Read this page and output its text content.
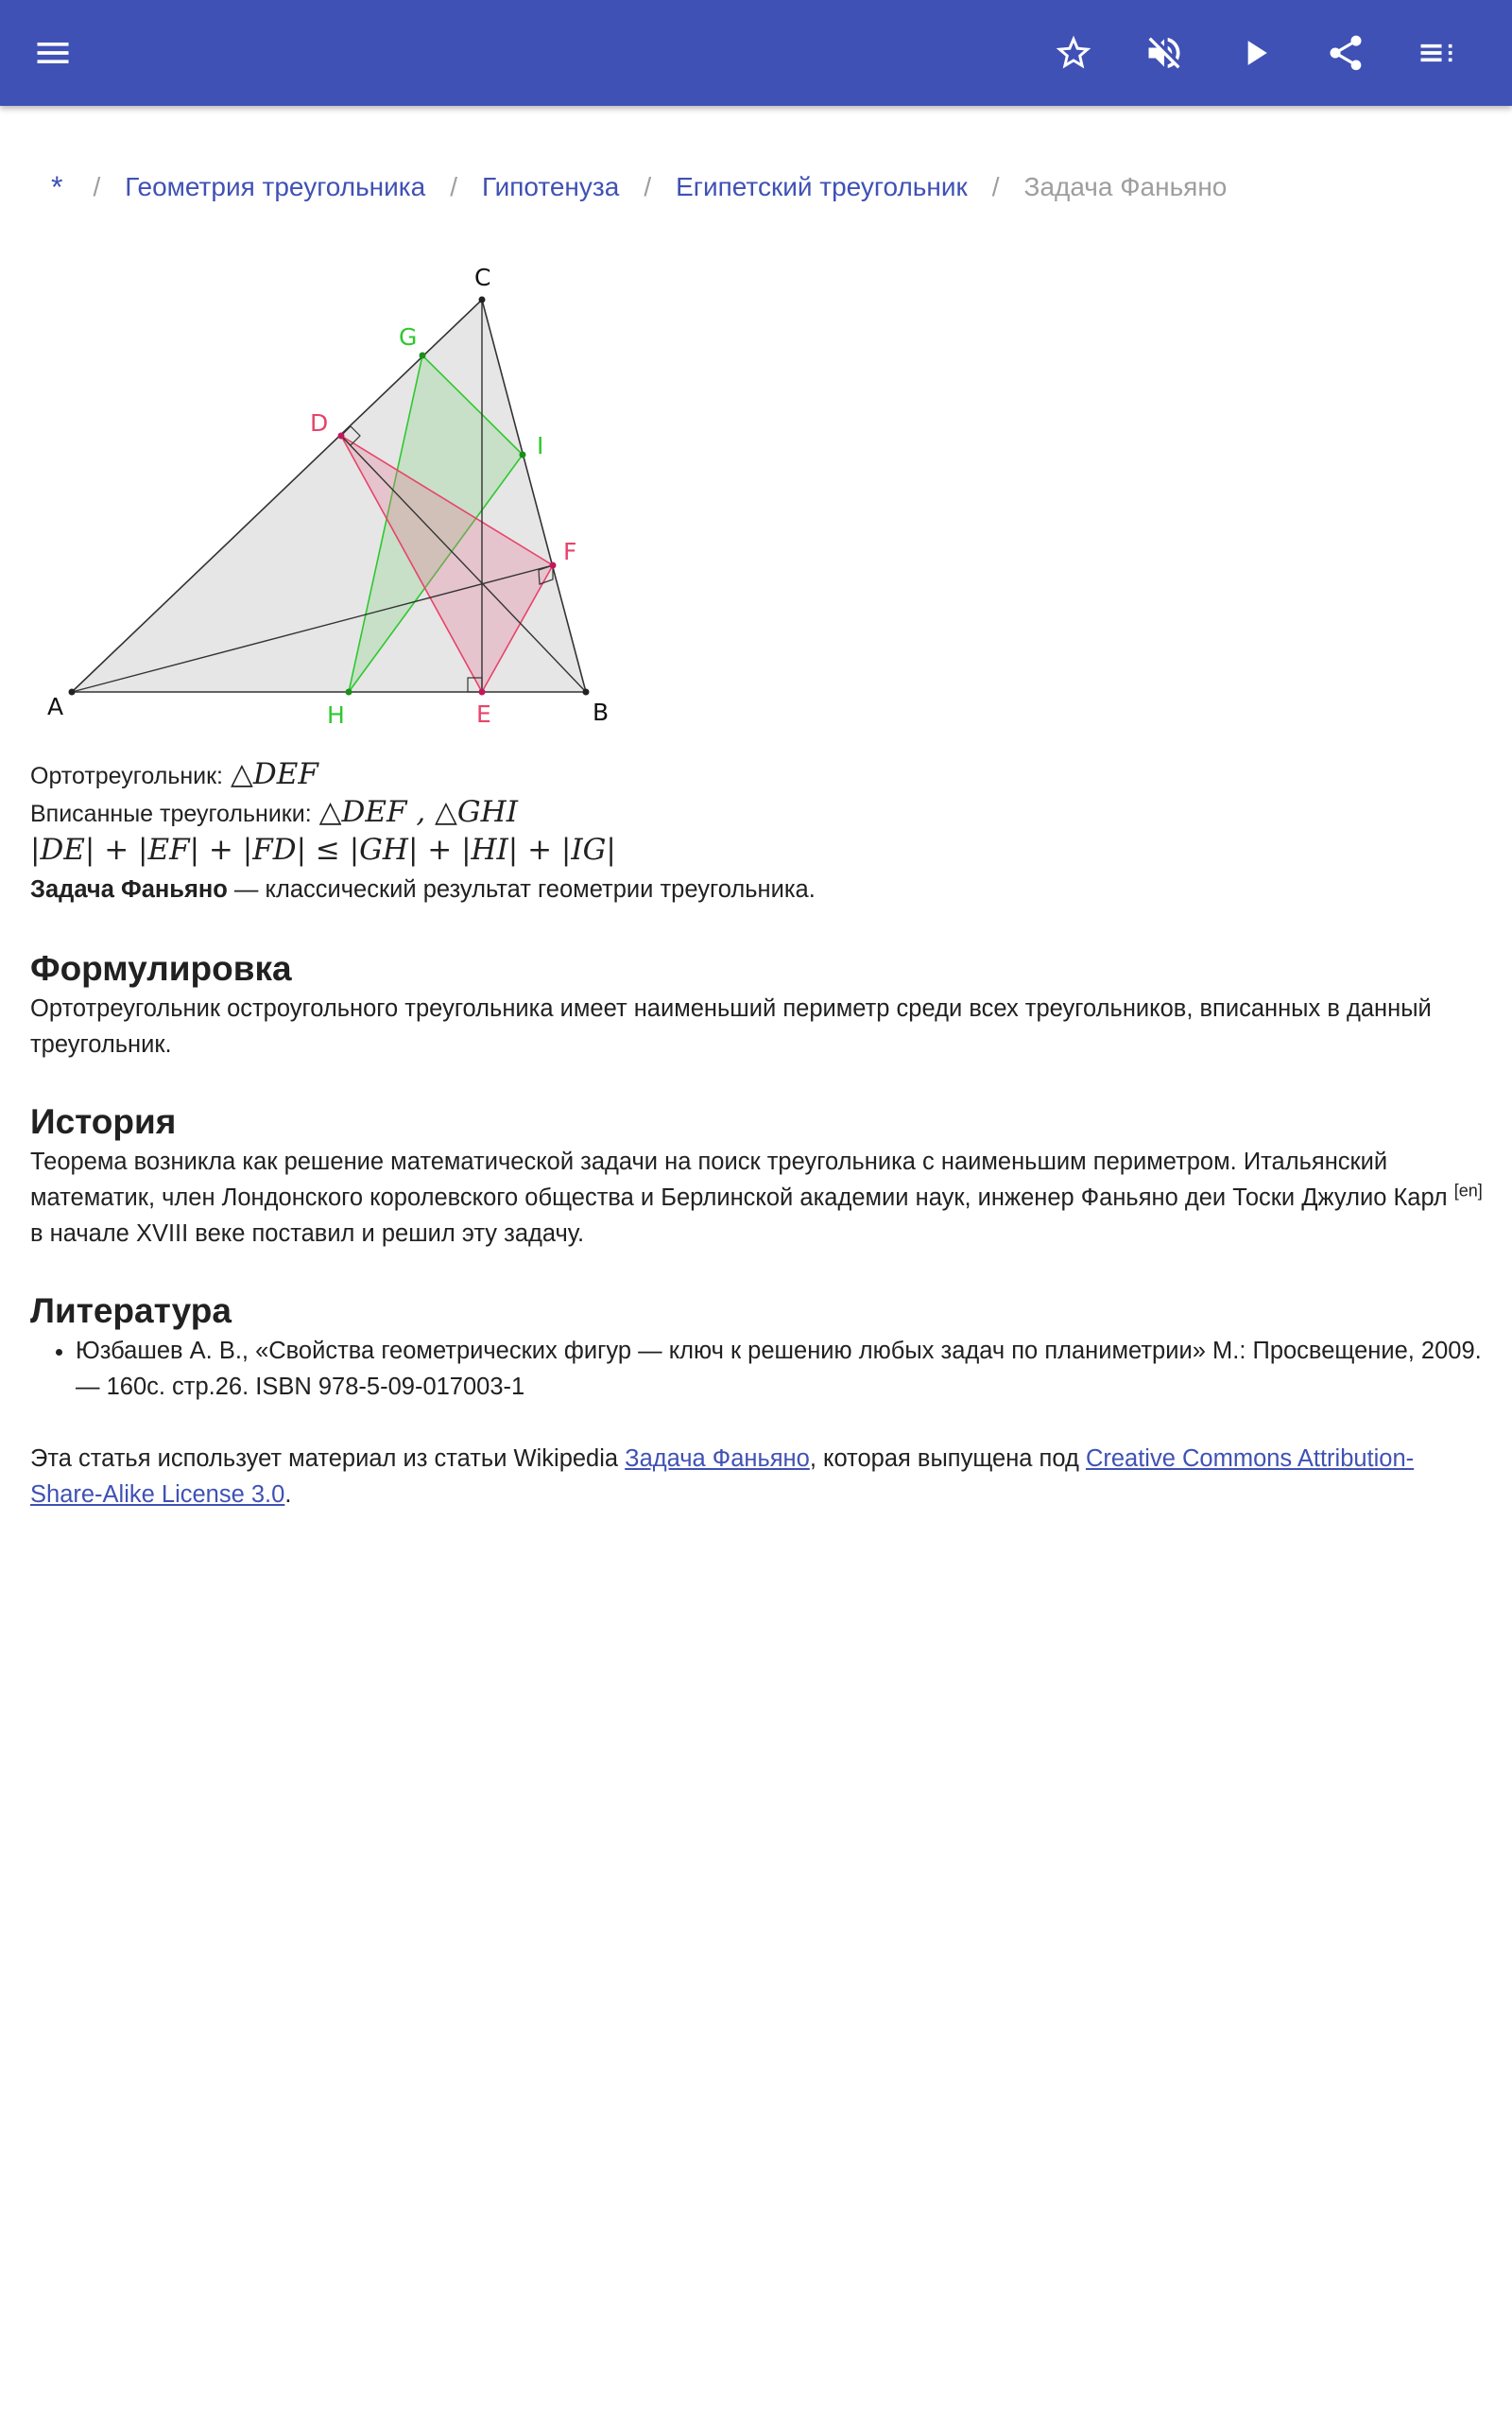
*	/ Геометрия треугольника / Гипотенуза / Египетский треугольник / Задача Фаньяно
A	B
C
D
E
F
G
H
I
Ортотреугольник: △DEF
Вписанные треугольники: △DEF , △GHI
|DE| + |EF| + |FD| ≤ |GH| + |HI| + |IG|

Задача Фаньяно — классический результат геометрии треугольника.

Формулировка

Ортотреугольник остроугольного треугольника имеет наименьший периметр среди всех треугольников, вписанных в данный треугольник.

История

Теорема возникла как решение математической задачи на поиск треугольника с наименьшим периметром. Итальянский математик, член Лондонского королевского общества и Берлинской академии наук, инженер Фаньяно деи Тоски Джулио Карл [en] в начале XVIII веке поставил и решил эту задачу.

Литература
• Юзбашев А. В., «Свойства геометрических фигур — ключ к решению любых задач по планиметрии» М.: Просвещение, 2009. — 160с. стр.26. ISBN 978-5-09-017003-1

Эта статья использует материал из статьи Wikipedia Задача Фаньяно, которая выпущена под Creative Commons Attribution-Share-Alike License 3.0.
